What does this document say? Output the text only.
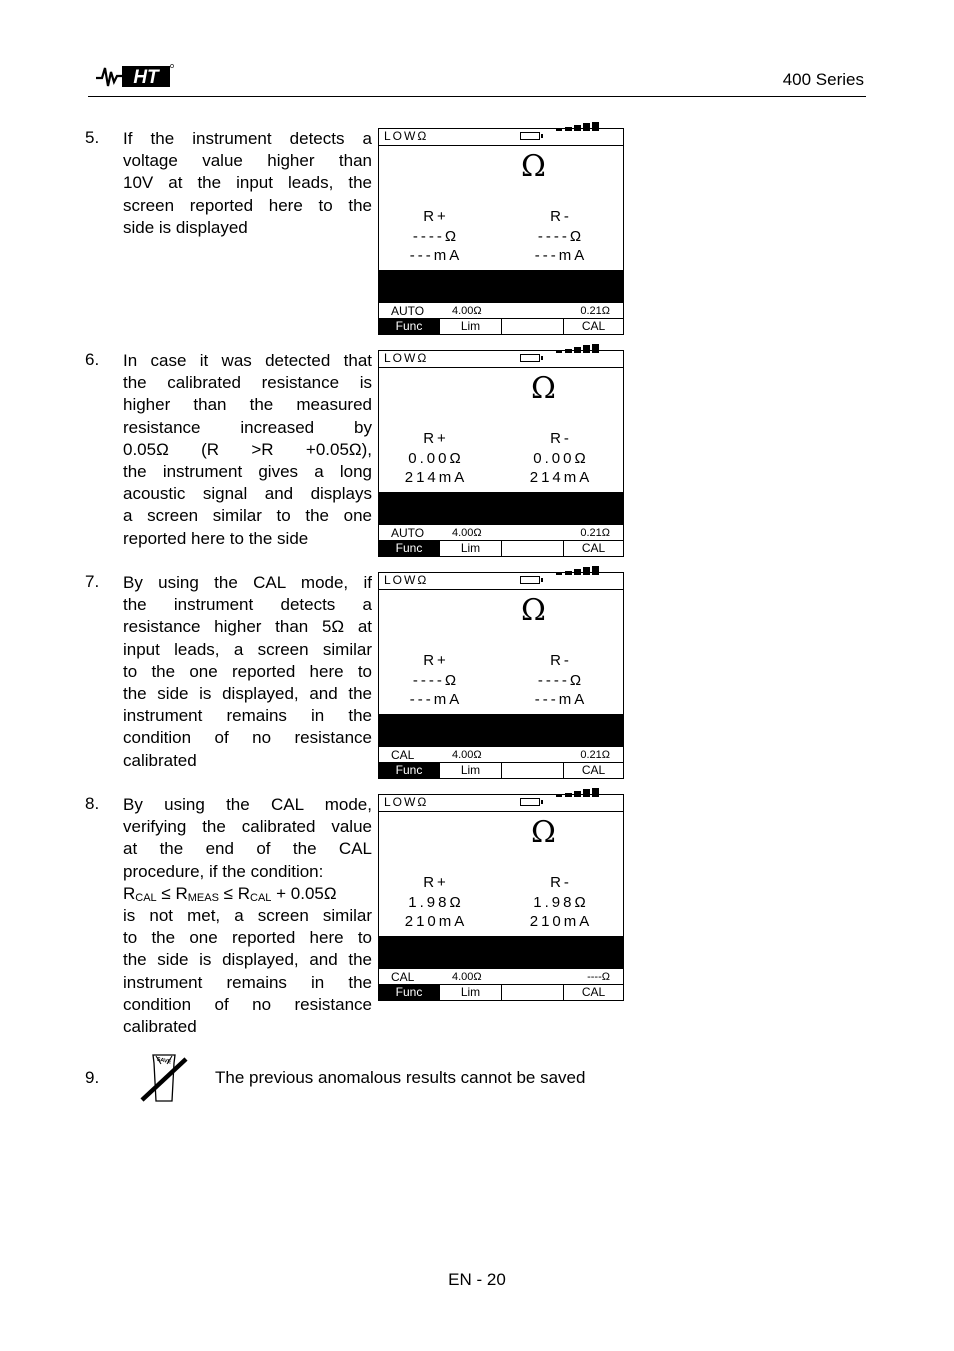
HT	400 Series
5. If the instrument detects a
voltage value higher than
10V at the input leads, the
screen reported here to the
side is displayed
6. In case it was detected that
the calibrated resistance is
higher than the measured
resistance increased by
0.05Ω (R >R +0.05Ω),
the instrument gives a long
acoustic signal and displays
a screen similar to the one
reported here to the side
7. By using the CAL mode, if
the instrument detects a
resistance higher than 5Ω at
input leads, a screen similar
to the one reported here to
the side is displayed, and the
instrument remains in the
condition of no resistance
calibrated
8. By using the CAL mode,
verifying the calibrated value
at the end of the CAL
procedure, if the condition:
$R_{CAL} \le R_{MEAS} \le R_{CAL} + 0.05\Omega$
is not met, a screen similar
to the one reported here to
the side is displayed, and the
instrument remains in the
condition of no resistance
calibrated
LOWΩ
Ω
R+
----Ω
---mA
R-
----Ω
---mA
AUTO	4.00Ω	0.21Ω
Func	Lim	CAL
LOWΩ
Ω
R+
0.00Ω
214mA
R-
0.00Ω
214mA
AUTO	4.00Ω	0.21Ω
Func	Lim	CAL
LOWΩ
Ω
R+
----Ω
---mA
R-
----Ω
---mA
CAL	4.00Ω	0.21Ω
Func	Lim	CAL
LOWΩ
Ω
R+
1.98Ω
210mA
R-
1.98Ω
210mA
CAL	4.00Ω	----Ω
Func	Lim	CAL
9.
SAVE
The previous anomalous results cannot be saved
EN - 20
